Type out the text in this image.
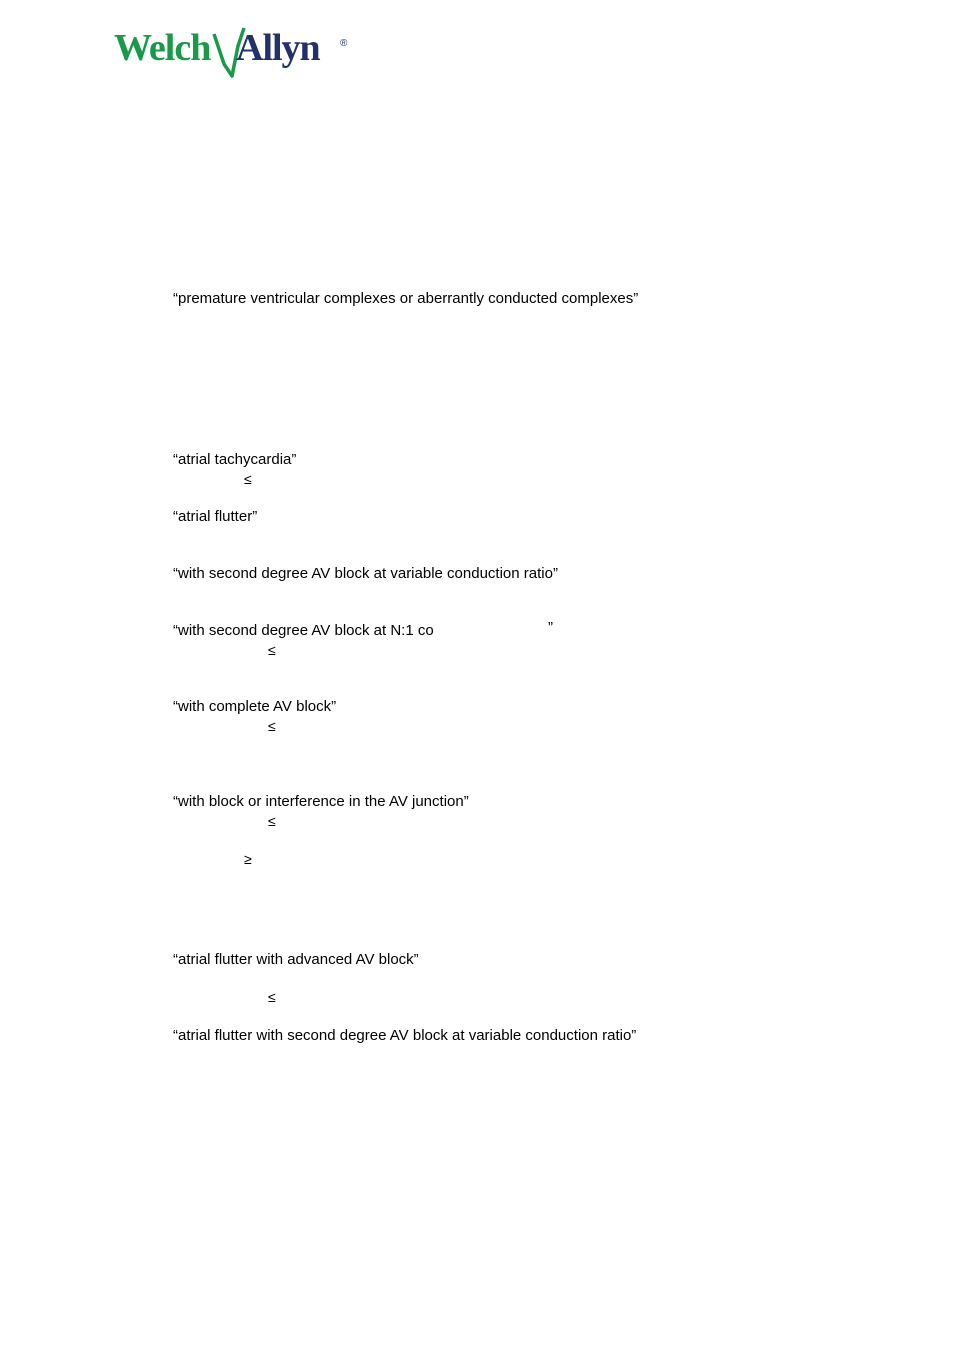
Welch Allyn ®
“premature ventricular complexes or aberrantly conducted complexes”
“atrial tachycardia”
≤
“atrial flutter”
“with second degree AV block at variable conduction ratio”
“with second degree AV block at N:1 co	”
≤
“with complete AV block”
≤
“with block or interference in the AV junction”
≤
≥
“atrial flutter with advanced AV block”
≤
“atrial flutter with second degree AV block at variable conduction ratio”
